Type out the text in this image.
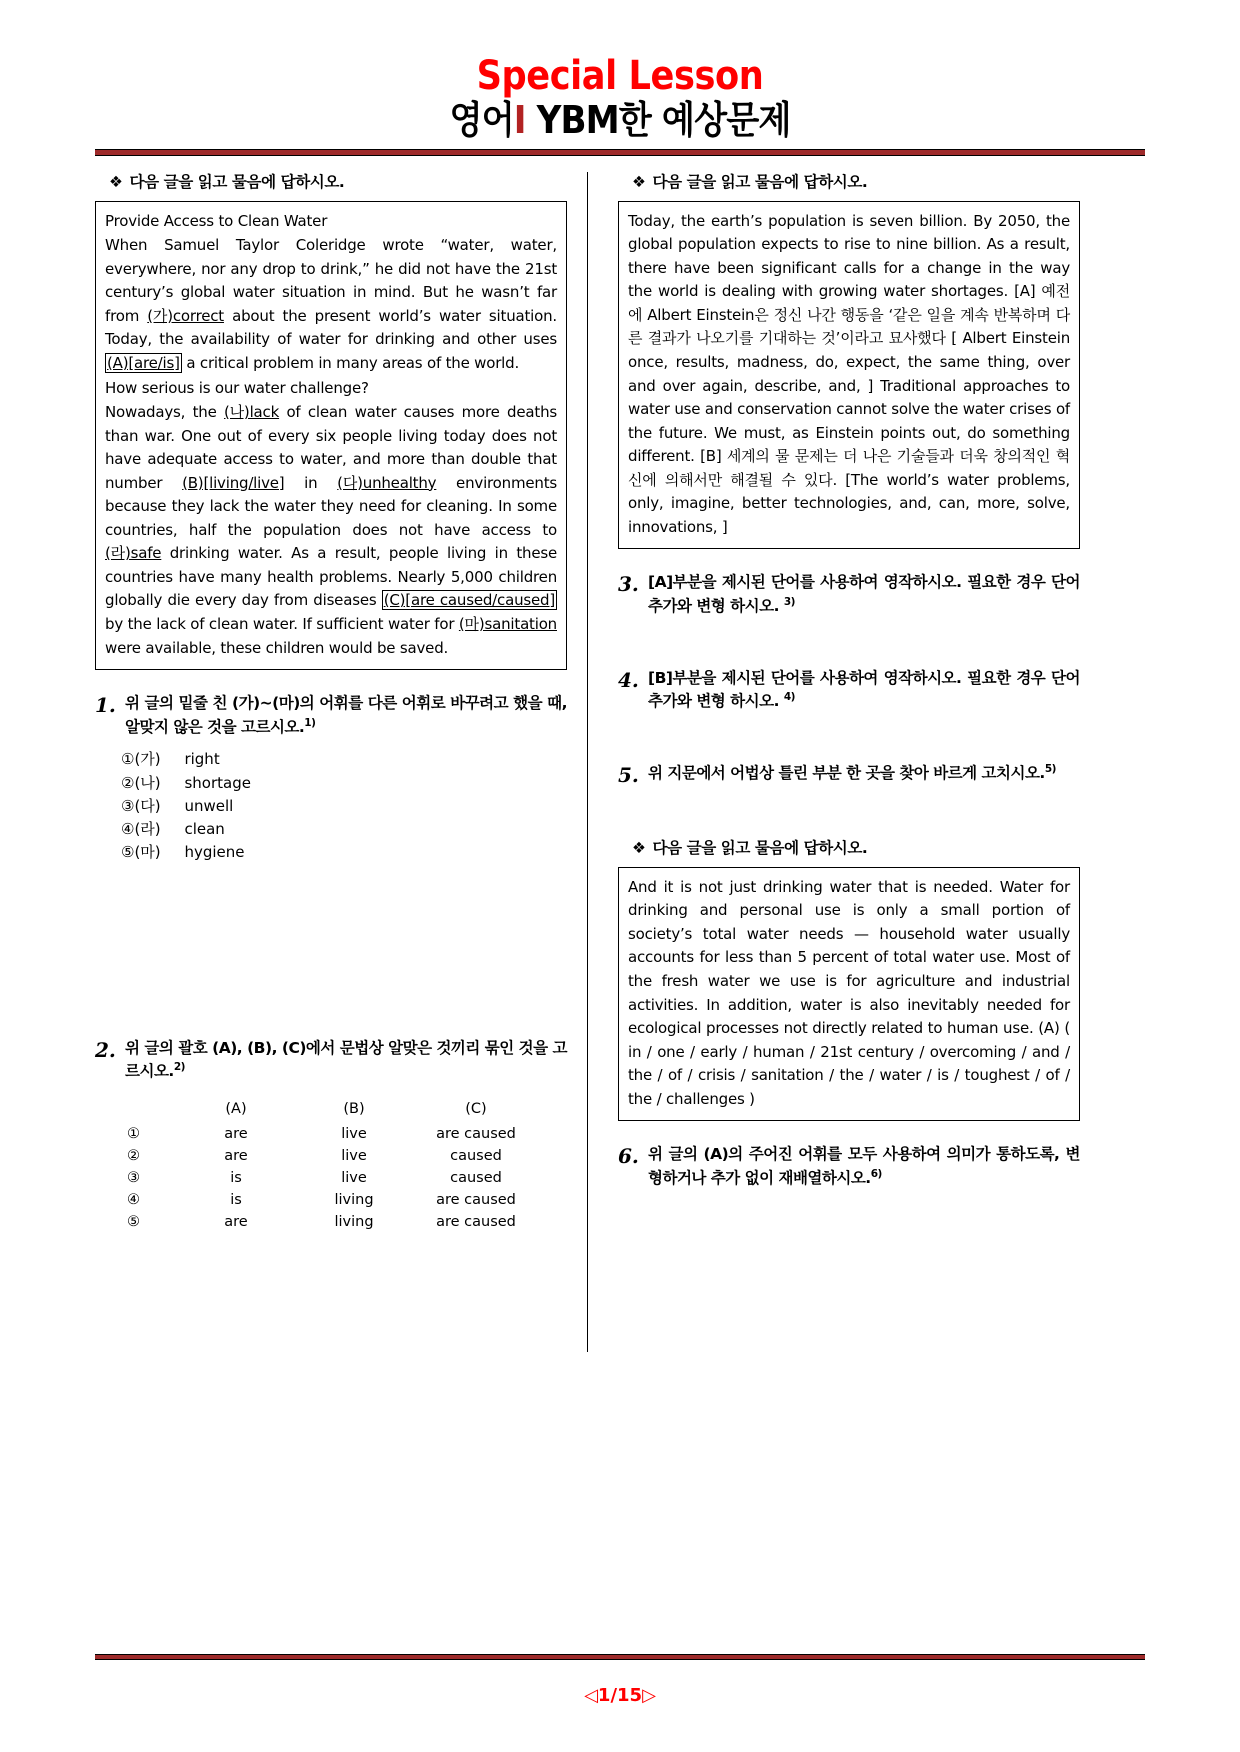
Special Lesson
영어I YBM한 예상문제
❖ 다음 글을 읽고 물음에 답하시오.

Provide Access to Clean Water

When Samuel Taylor Coleridge wrote “water, water, everywhere, nor any drop to drink,” he did not have the 21st century’s global water situation in mind. But he wasn’t far from (가)correct about the present world’s water situation. Today, the availability of water for drinking and other uses (A)[are/is] a critical problem in many areas of the world.

How serious is our water challenge?

Nowadays, the (나)lack of clean water causes more deaths than war. One out of every six people living today does not have adequate access to water, and more than double that number (B)[living/live] in (다)unhealthy environments because they lack the water they need for cleaning. In some countries, half the population does not have access to (라)safe drinking water. As a result, people living in these countries have many health problems. Nearly 5,000 children globally die every day from diseases (C)[are caused/caused] by the lack of clean water. If sufficient water for (마)sanitation were available, these children would be saved.

1. 위 글의 밑줄 친 (가)~(마)의 어휘를 다른 어휘로 바꾸려고 했을 때, 알맞지 않은 것을 고르시오.$^{1)}$
①(가) right
②(나) shortage
③(다) unwell
④(라) clean
⑤(마) hygiene
2. 위 글의 괄호 (A), (B), (C)에서 문법상 알맞은 것끼리 묶인 것을 고르시오.$^{2)}$
	(A)	(B)	(C)
①	are	live	are caused
②	are	live	caused
③	is	live	caused
④	is	living	are caused
⑤	are	living	are caused
❖ 다음 글을 읽고 물음에 답하시오.

Today, the earth’s population is seven billion. By 2050, the global population expects to rise to nine billion. As a result, there have been significant calls for a change in the way the world is dealing with growing water shortages. [A] 예전에 Albert Einstein은 정신 나간 행동을 ‘같은 일을 계속 반복하며 다른 결과가 나오기를 기대하는 것’이라고 묘사했다 [ Albert Einstein once, results, madness, do, expect, the same thing, over and over again, describe, and, ] Traditional approaches to water use and conservation cannot solve the water crises of the future. We must, as Einstein points out, do something different. [B] 세계의 물 문제는 더 나은 기술들과 더욱 창의적인 혁신에 의해서만 해결될 수 있다. [The world’s water problems, only, imagine, better technologies, and, can, more, solve, innovations, ]

3. [A]부분을 제시된 단어를 사용하여 영작하시오. 필요한 경우 단어추가와 변형 하시오. $^{3)}$
4. [B]부분을 제시된 단어를 사용하여 영작하시오. 필요한 경우 단어추가와 변형 하시오. $^{4)}$
5. 위 지문에서 어법상 틀린 부분 한 곳을 찾아 바르게 고치시오.$^{5)}$
❖ 다음 글을 읽고 물음에 답하시오.

And it is not just drinking water that is needed. Water for drinking and personal use is only a small portion of society’s total water needs — household water usually accounts for less than 5 percent of total water use. Most of the fresh water we use is for agriculture and industrial activities. In addition, water is also inevitably needed for ecological processes not directly related to human use. (A) ( in / one / early / human / 21st century / overcoming / and / the / of / crisis / sanitation / the / water / is / toughest / of / the / challenges )

6. 위 글의 (A)의 주어진 어휘를 모두 사용하여 의미가 통하도록, 변형하거나 추가 없이 재배열하시오.$^{6)}$
◁1/15▷
